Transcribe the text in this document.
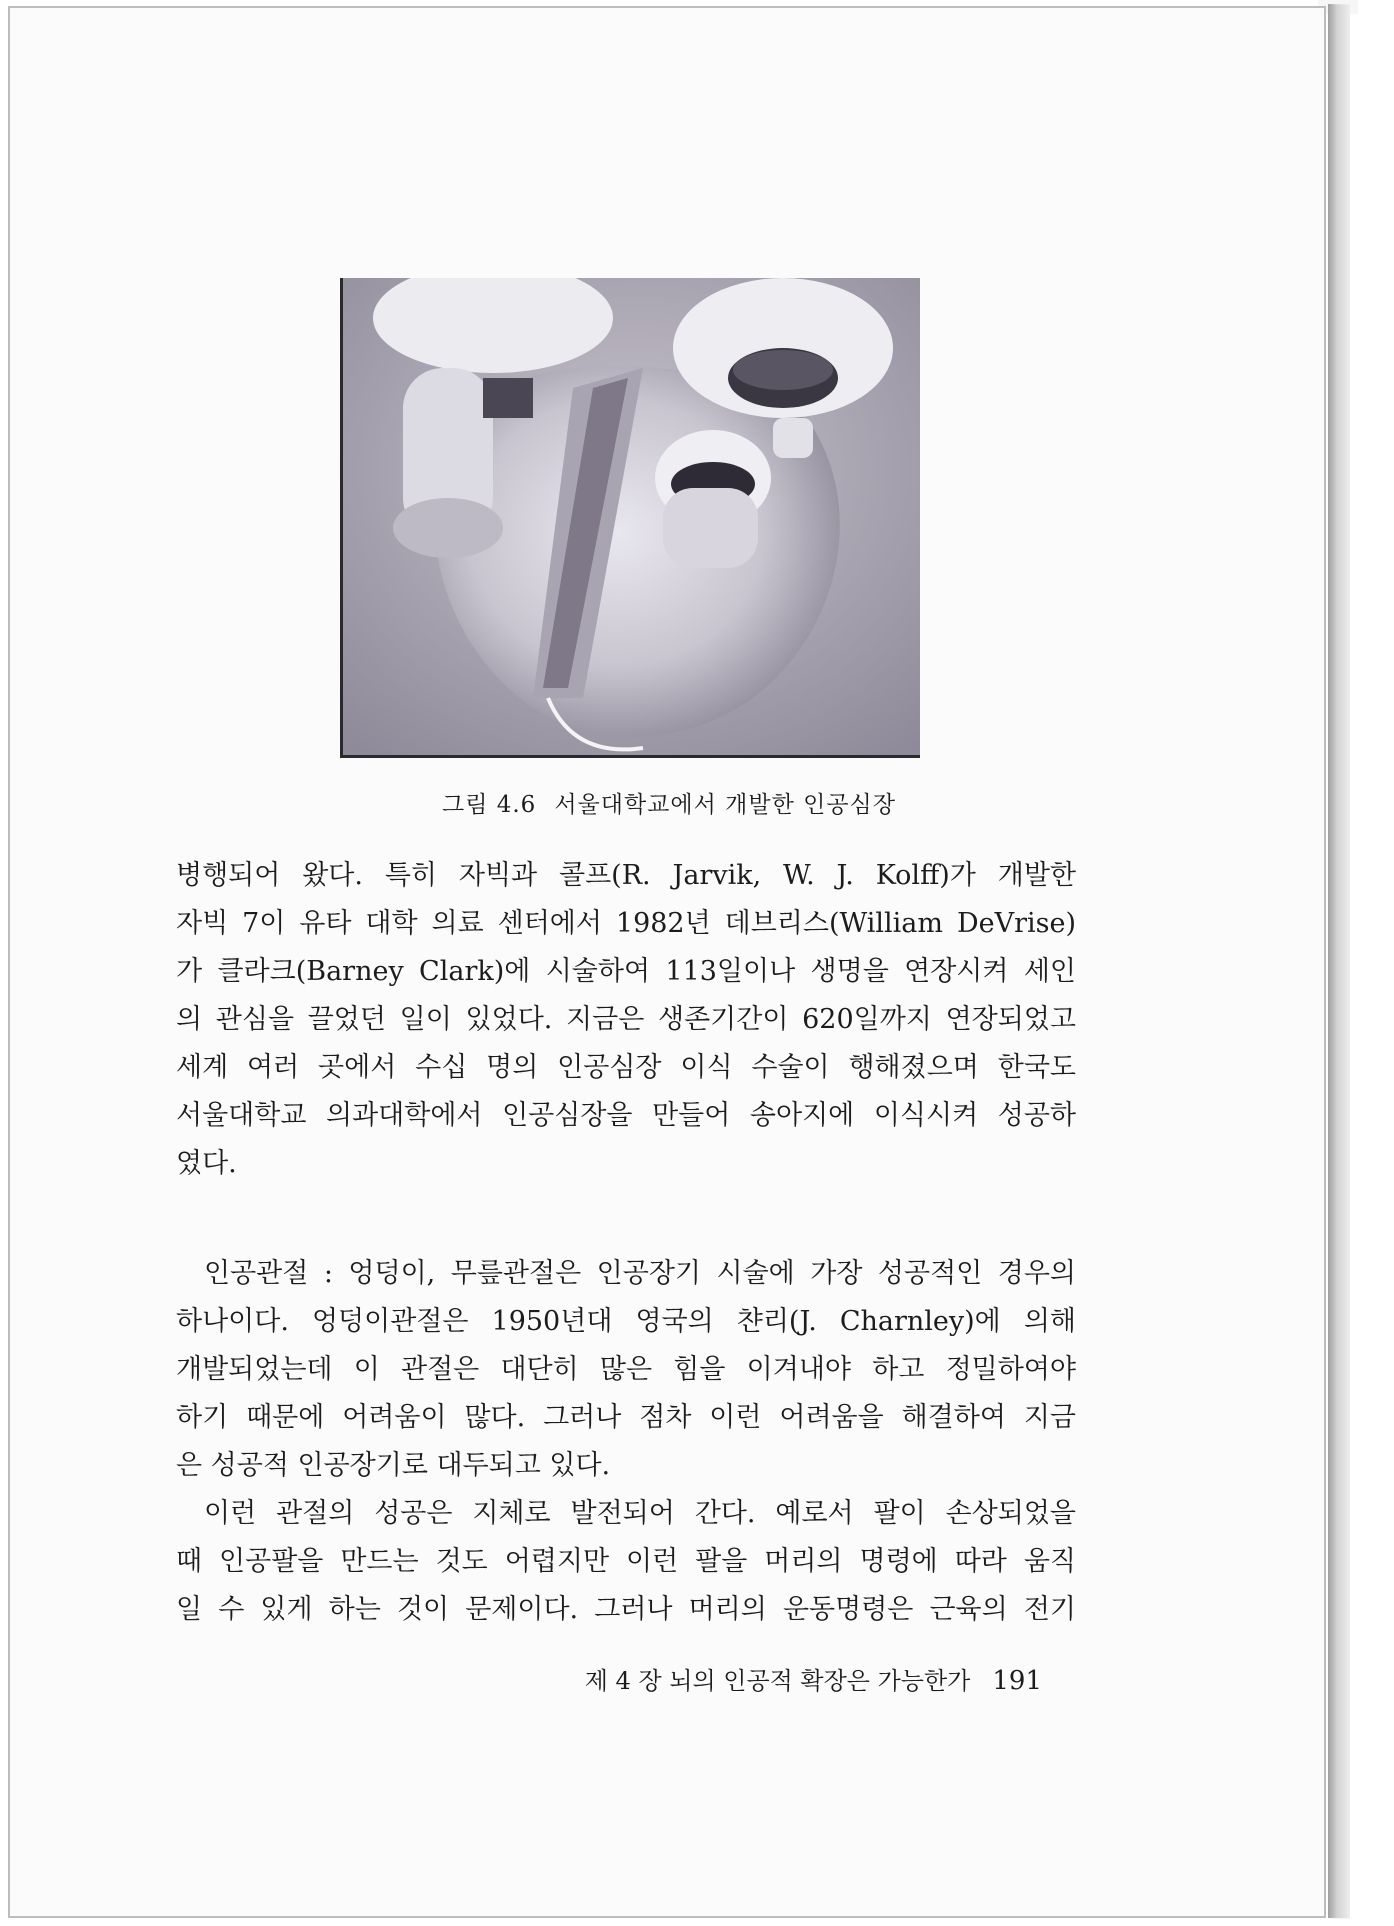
그림 4.6 서울대학교에서 개발한 인공심장

병행되어 왔다. 특히 자빅과 콜프(R. Jarvik, W. J. Kolff)가 개발한

자빅 7이 유타 대학 의료 센터에서 1982년 데브리스(William DeVrise)

가 클라크(Barney Clark)에 시술하여 113일이나 생명을 연장시켜 세인

의 관심을 끌었던 일이 있었다. 지금은 생존기간이 620일까지 연장되었고

세계 여러 곳에서 수십 명의 인공심장 이식 수술이 행해졌으며 한국도

서울대학교 의과대학에서 인공심장을 만들어 송아지에 이식시켜 성공하

였다.

인공관절 : 엉덩이, 무릎관절은 인공장기 시술에 가장 성공적인 경우의

하나이다. 엉덩이관절은 1950년대 영국의 챤리(J. Charnley)에 의해

개발되었는데 이 관절은 대단히 많은 힘을 이겨내야 하고 정밀하여야

하기 때문에 어려움이 많다. 그러나 점차 이런 어려움을 해결하여 지금

은 성공적 인공장기로 대두되고 있다.

이런 관절의 성공은 지체로 발전되어 간다. 예로서 팔이 손상되었을

때 인공팔을 만드는 것도 어렵지만 이런 팔을 머리의 명령에 따라 움직

일 수 있게 하는 것이 문제이다. 그러나 머리의 운동명령은 근육의 전기

제 4 장 뇌의 인공적 확장은 가능한가 191
